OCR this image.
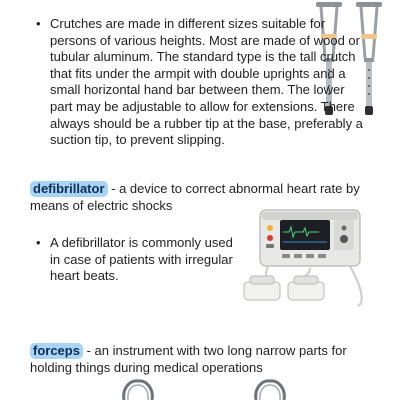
• Crutches are made in different sizes suitable for persons of various heights. Most are made of wood or tubular aluminum. The standard type is the tall crutch that fits under the armpit with double uprights and a small horizontal hand bar between them. The lower part may be adjustable to allow for extensions. There always should be a rubber tip at the base, preferably a suction tip, to prevent slipping.
defibrillator - a device to correct abnormal heart rate by means of electric shocks
• A defibrillator is commonly used in case of patients with irregular heart beats.
forceps - an instrument with two long narrow parts for holding things during medical operations
